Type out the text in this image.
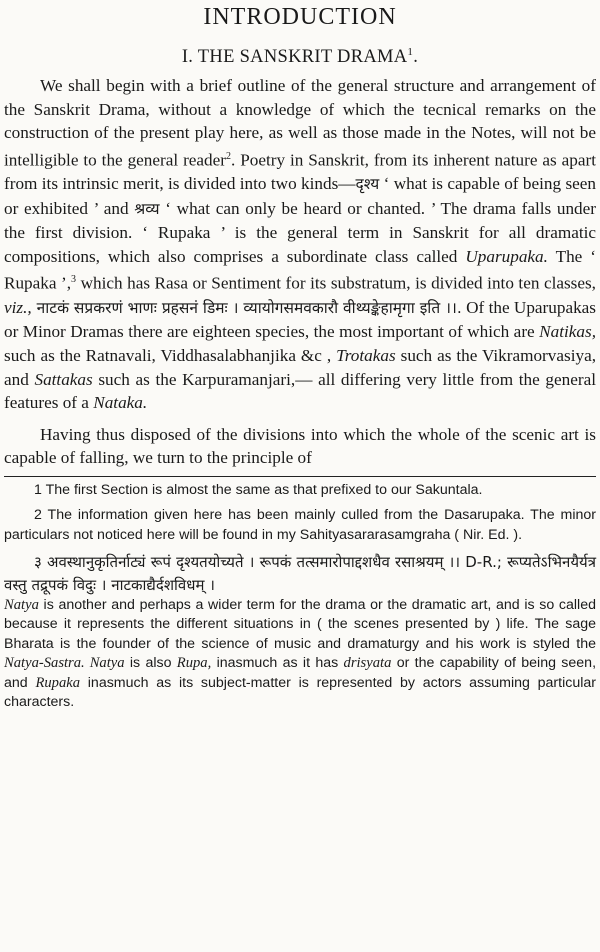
INTRODUCTION
I. THE SANSKRIT DRAMA$^1$.

We shall begin with a brief outline of the general structure and arrangement of the Sanskrit Drama, without a knowledge of which the tecnical remarks on the construction of the present play here, as well as those made in the Notes, will not be intelligible to the general reader$^2$. Poetry in Sanskrit, from its inherent nature as apart from its intrinsic merit, is divided into two kinds—दृश्य ‘ what is capable of being seen or exhibited ’ and श्रव्य ‘ what can only be heard or chanted. ’ The drama falls under the first division. ‘ Rupaka ’ is the general term in Sanskrit for all dramatic compositions, which also comprises a subordinate class called Uparupaka. The ‘ Rupaka ’,$^3$ which has Rasa or Sentiment for its substratum, is divided into ten classes, viz., नाटकं सप्रकरणं भाणः प्रहसनं डिमः । व्यायोगसमवकारौ वीथ्यङ्केहामृगा इति ।।. Of the Uparupakas or Minor Dramas there are eighteen species, the most important of which are Natikas, such as the Ratnavali, Viddhasalabhanjika &c , Trotakas such as the Vikramorvasiya, and Sattakas such as the Karpuramanjari,— all differing very little from the general features of a Nataka.

Having thus disposed of the divisions into which the whole of the scenic art is capable of falling, we turn to the principle of

1 The first Section is almost the same as that prefixed to our Sakuntala.

2 The information given here has been mainly culled from the Dasarupaka. The minor particulars not noticed here will be found in my Sahityasararasamgraha ( Nir. Ed. ).

३ अवस्थानुकृतिर्नाट्यं रूपं दृश्यतयोच्यते । रूपकं तत्समारोपाद्दशधैव रसाश्रयम् ।। D-R.; रूप्यतेऽभिनयैर्यत्र वस्तु तद्रूपकं विदुः । नाटकाद्यैर्दशविधम् ।
Natya is another and perhaps a wider term for the drama or the dramatic art, and is so called because it represents the different situations in ( the scenes presented by ) life. The sage Bharata is the founder of the science of music and dramaturgy and his work is styled the Natya-Sastra. Natya is also Rupa, inasmuch as it has drisyata or the capability of being seen, and Rupaka inasmuch as its subject-matter is represented by actors assuming particular characters.
